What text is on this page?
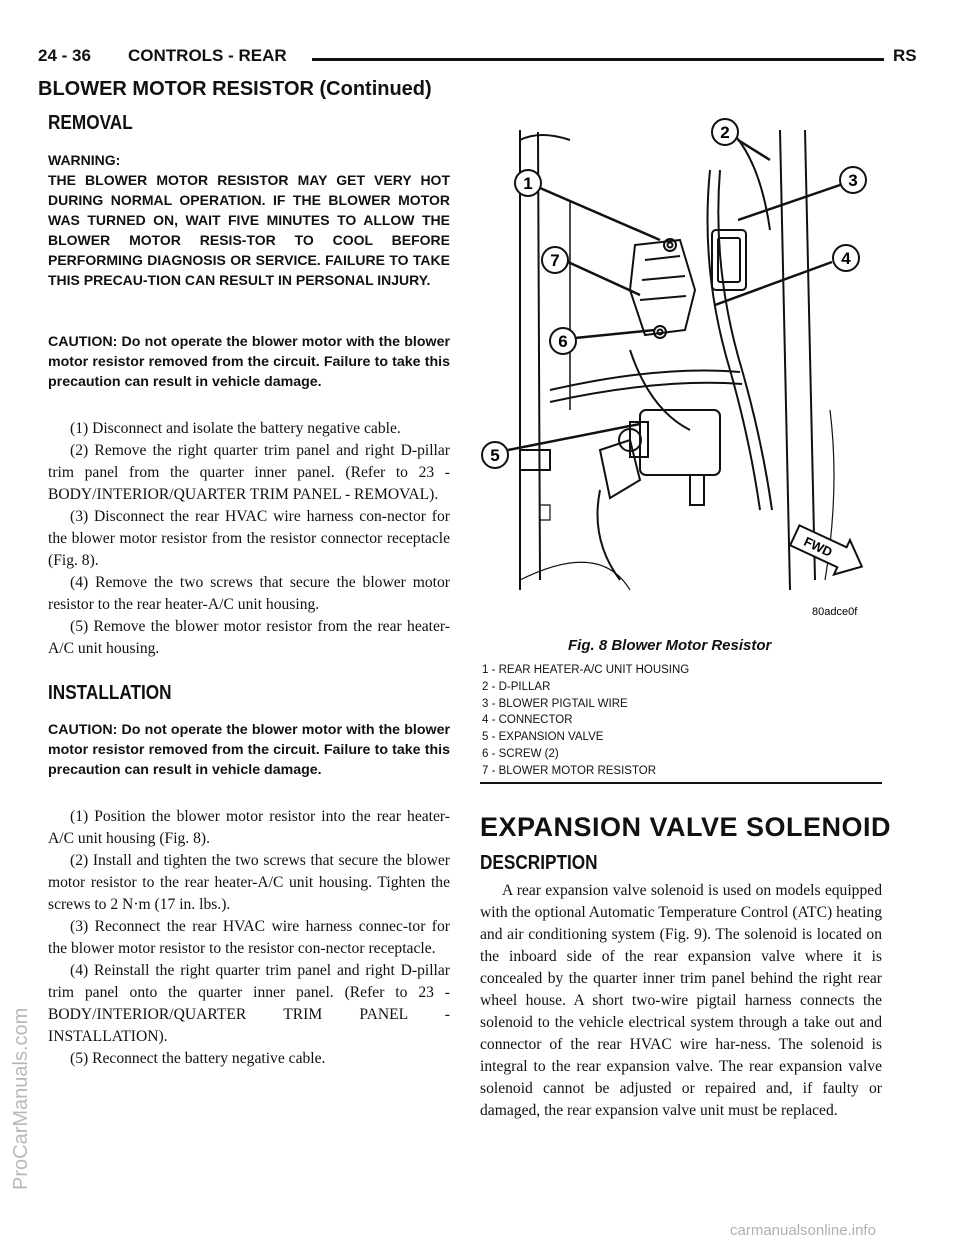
24 - 36 CONTROLS - REAR	RS
BLOWER MOTOR RESISTOR (Continued)
REMOVAL
WARNING:
THE BLOWER MOTOR RESISTOR MAY GET VERY HOT DURING NORMAL OPERATION. IF THE BLOWER MOTOR WAS TURNED ON, WAIT FIVE MINUTES TO ALLOW THE BLOWER MOTOR RESIS-TOR TO COOL BEFORE PERFORMING DIAGNOSIS OR SERVICE. FAILURE TO TAKE THIS PRECAU-TION CAN RESULT IN PERSONAL INJURY.
CAUTION: Do not operate the blower motor with the blower motor resistor removed from the circuit. Failure to take this precaution can result in vehicle damage.

(1) Disconnect and isolate the battery negative cable.

(2) Remove the right quarter trim panel and right D-pillar trim panel from the quarter inner panel. (Refer to 23 - BODY/INTERIOR/QUARTER TRIM PANEL - REMOVAL).

(3) Disconnect the rear HVAC wire harness con-nector for the blower motor resistor from the resistor connector receptacle (Fig. 8).

(4) Remove the two screws that secure the blower motor resistor to the rear heater-A/C unit housing.

(5) Remove the blower motor resistor from the rear heater-A/C unit housing.

INSTALLATION
CAUTION: Do not operate the blower motor with the blower motor resistor removed from the circuit. Failure to take this precaution can result in vehicle damage.

(1) Position the blower motor resistor into the rear heater-A/C unit housing (Fig. 8).

(2) Install and tighten the two screws that secure the blower motor resistor to the rear heater-A/C unit housing. Tighten the screws to 2 N·m (17 in. lbs.).

(3) Reconnect the rear HVAC wire harness connec-tor for the blower motor resistor to the resistor con-nector receptacle.

(4) Reinstall the right quarter trim panel and right D-pillar trim panel onto the quarter inner panel. (Refer to 23 - BODY/INTERIOR/QUARTER TRIM PANEL - INSTALLATION).

(5) Reconnect the battery negative cable.

1
2
3
4
5
6
7
FWD
80adce0f
Fig. 8 Blower Motor Resistor
1 - REAR HEATER-A/C UNIT HOUSING
2 - D-PILLAR
3 - BLOWER PIGTAIL WIRE
4 - CONNECTOR
5 - EXPANSION VALVE
6 - SCREW (2)
7 - BLOWER MOTOR RESISTOR
EXPANSION VALVE SOLENOID
DESCRIPTION

A rear expansion valve solenoid is used on models equipped with the optional Automatic Temperature Control (ATC) heating and air conditioning system (Fig. 9). The solenoid is located on the inboard side of the rear expansion valve where it is concealed by the quarter inner trim panel behind the right rear wheel house. A short two-wire pigtail harness connects the solenoid to the vehicle electrical system through a take out and connector of the rear HVAC wire har-ness. The solenoid is integral to the rear expansion valve. The rear expansion valve solenoid cannot be adjusted or repaired and, if faulty or damaged, the rear expansion valve unit must be replaced.

ProCarManuals.com
carmanualsonline.info
